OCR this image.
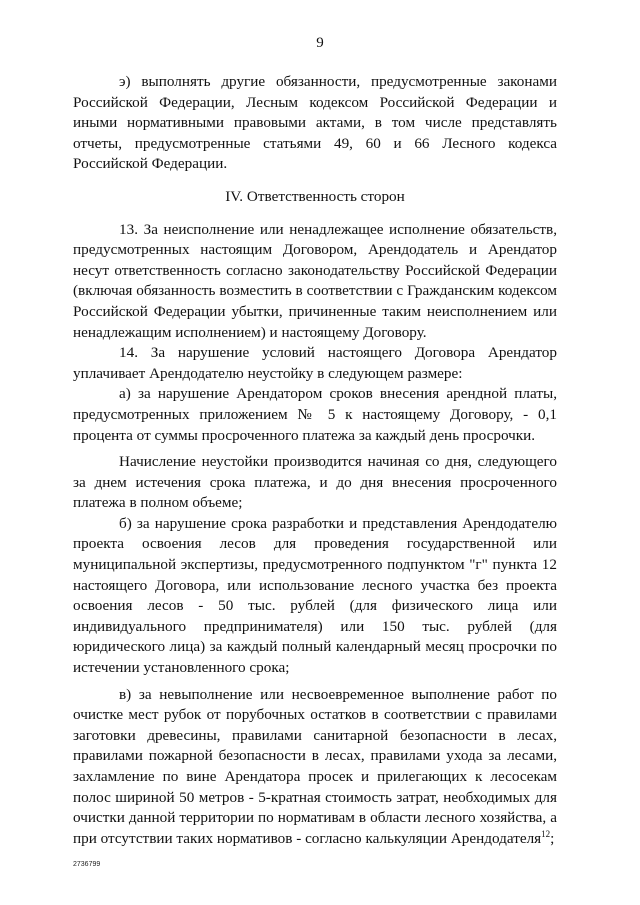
9

э) выполнять другие обязанности, предусмотренные законами Российской Федерации, Лесным кодексом Российской Федерации и иными нормативными правовыми актами, в том числе представлять отчеты, предусмотренные статьями 49, 60 и 66 Лесного кодекса Российской Федерации.

IV. Ответственность сторон

13. За неисполнение или ненадлежащее исполнение обязательств, предусмотренных настоящим Договором, Арендодатель и Арендатор несут ответственность согласно законодательству Российской Федерации (включая обязанность возместить в соответствии с Гражданским кодексом Российской Федерации убытки, причиненные таким неисполнением или ненадлежащим исполнением) и настоящему Договору.

14. За нарушение условий настоящего Договора Арендатор уплачивает Арендодателю неустойку в следующем размере:

а) за нарушение Арендатором сроков внесения арендной платы, предусмотренных приложением № 5 к настоящему Договору, - 0,1 процента от суммы просроченного платежа за каждый день просрочки.

Начисление неустойки производится начиная со дня, следующего за днем истечения срока платежа, и до дня внесения просроченного платежа в полном объеме;

б) за нарушение срока разработки и представления Арендодателю проекта освоения лесов для проведения государственной или муниципальной экспертизы, предусмотренного подпунктом "г" пункта 12 настоящего Договора, или использование лесного участка без проекта освоения лесов - 50 тыс. рублей (для физического лица или индивидуального предпринимателя) или 150 тыс. рублей (для юридического лица) за каждый полный календарный месяц просрочки по истечении установленного срока;

в) за невыполнение или несвоевременное выполнение работ по очистке мест рубок от порубочных остатков в соответствии с правилами заготовки древесины, правилами санитарной безопасности в лесах, правилами пожарной безопасности в лесах, правилами ухода за лесами, захламление по вине Арендатора просек и прилегающих к лесосекам полос шириной 50 метров - 5-кратная стоимость затрат, необходимых для очистки данной территории по нормативам в области лесного хозяйства, а при отсутствии таких нормативов - согласно калькуляции Арендодателя$^{12}$;

2736799
